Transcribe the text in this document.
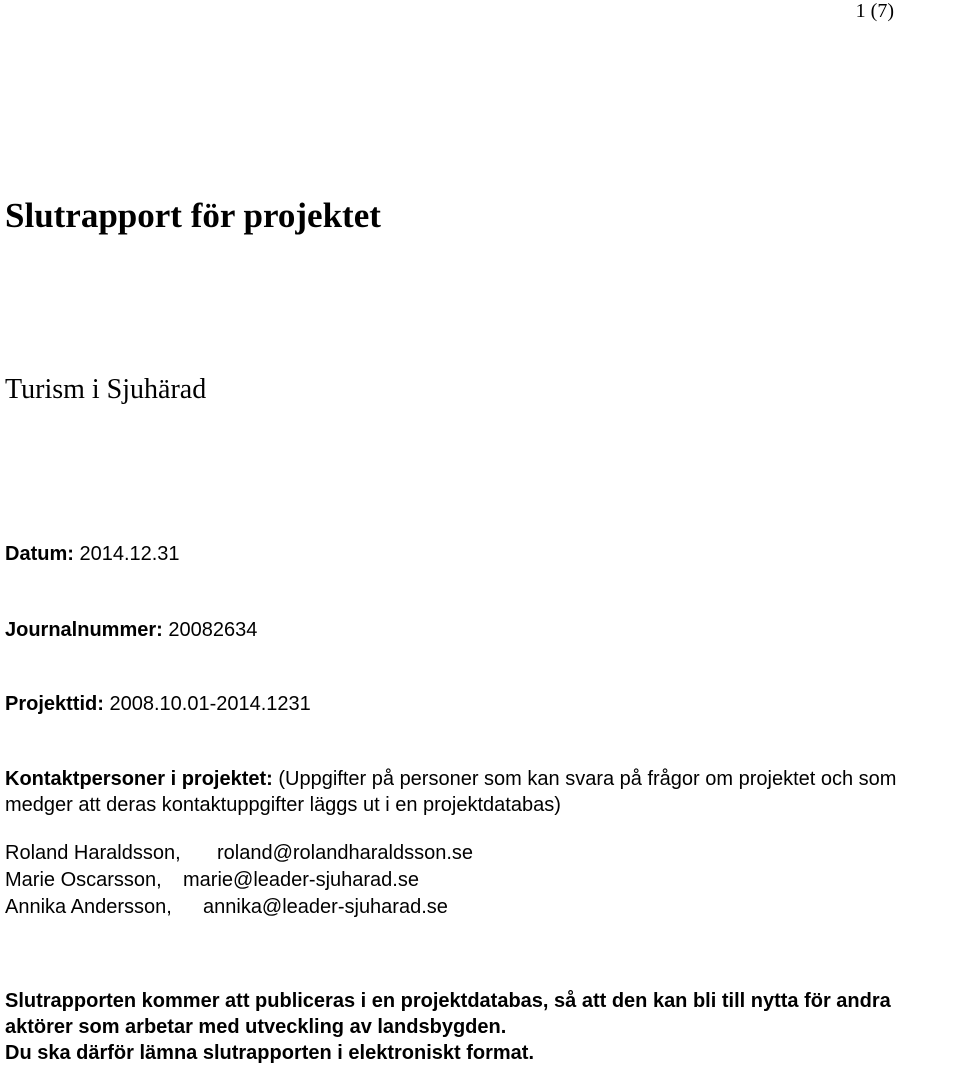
1 (7)
Slutrapport för projektet
Turism i Sjuhärad
Datum: 2014.12.31
Journalnummer: 20082634
Projekttid: 2008.10.01-2014.1231
Kontaktpersoner i projektet: (Uppgifter på personer som kan svara på frågor om projektet och som medger att deras kontaktuppgifter läggs ut i en projektdatabas)
Roland Haraldsson, roland@rolandharaldsson.se
Marie Oscarsson, marie@leader-sjuharad.se
Annika Andersson, annika@leader-sjuharad.se
Slutrapporten kommer att publiceras i en projektdatabas, så att den kan bli till nytta för andra
aktörer som arbetar med utveckling av landsbygden.
Du ska därför lämna slutrapporten i elektroniskt format.
